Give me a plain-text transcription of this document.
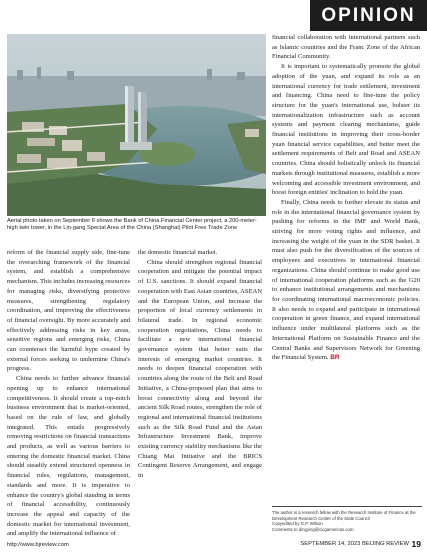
OPINION
Aerial photo taken on September 6 shows the Bank of China Financial Center project, a 200-meter-high twin tower, in the Lin-gang Special Area of the China (Shanghai) Pilot Free Trade Zone

reform of the financial supply side, fine-tune the overarching framework of the financial system, and establish a comprehensive mechanism. This includes increasing resources for managing risks, diversifying protective measures, strengthening regulatory coordination, and improving the effectiveness of financial oversight. By more accurately and effectively addressing risks in key areas, sensitive regions and emerging risks, China can counteract the harmful hype created by external forces seeking to undermine China's progress.

China needs to further advance financial opening up to enhance international competitiveness. It should create a top-notch business environment that is market-oriented, based on the rule of law, and globally integrated. This entails progressively removing restrictions on financial transactions and products, as well as various barriers to entering the domestic financial market. China should steadily extend structured openness in financial rules, regulations, management, standards and more. It is imperative to enhance the country's global standing in terms of financial accessibility, continuously increase the appeal and capacity of the domestic market for international investment, and amplify the international influence of

the domestic financial market.

China should strengthen regional financial cooperation and mitigate the potential impact of U.S. sanctions. It should expand financial cooperation with East Asian countries, ASEAN and the European Union, and increase the proportion of local currency settlements in bilateral trade. In regional economic cooperation negotiations, China needs to facilitate a new international financial governance system that better suits the interests of emerging market countries. It needs to deepen financial cooperation with countries along the route of the Belt and Road Initiative, a China-proposed plan that aims to boost connectivity along and beyond the ancient Silk Road routes, strengthen the role of regional and international financial institutions such as the Silk Road Fund and the Asian Infrastructure Investment Bank, improve existing currency stability mechanisms like the Chiang Mai Initiative and the BRICS Contingent Reserve Arrangement, and engage in

financial collaboration with international partners such as Islamic countries and the Franc Zone of the African Financial Community.

It is important to systematically promote the global adoption of the yuan, and expand its role as an international currency for trade settlement, investment and financing. China need to fine-tune the policy structure for the yuan's international use, bolster its internationalization infrastructure such as account systems and payment clearing mechanisms, guide financial institutions in improving their cross-border yuan financial service capabilities, and better meet the settlement requirements of Belt and Road and ASEAN countries. China should holistically unlock its financial markets through institutional measures, establish a more welcoming and accessible investment environment, and boost foreign entities' inclination to hold the yuan.

Finally, China needs to further elevate its status and role in the international financial governance system by pushing for reforms in the IMF and World Bank, striving for more voting rights and influence, and increasing the weight of the yuan in the SDR basket. It must also push for the diversification of the sources of employees and executives in international financial organizations. China should continue to make good use of international cooperation platforms such as the G20 to enhance institutional arrangements and mechanisms for coordinating international macroeconomic policies. It also needs to expand and participate in international cooperation in green finance, and expand international influence under multilateral platforms such as the International Platform on Sustainable Finance and the Central Banks and Supervisors Network for Greening the Financial System. BR

The author is a research fellow with the Research Institute of Finance at the Development Research Center of the State Council
Copyedited by G.P. Wilson
Comments to dingying@cicgamericas.com
http://www.bjreview.com	SEPTEMBER 14, 2023 BEIJING REVIEW 19
